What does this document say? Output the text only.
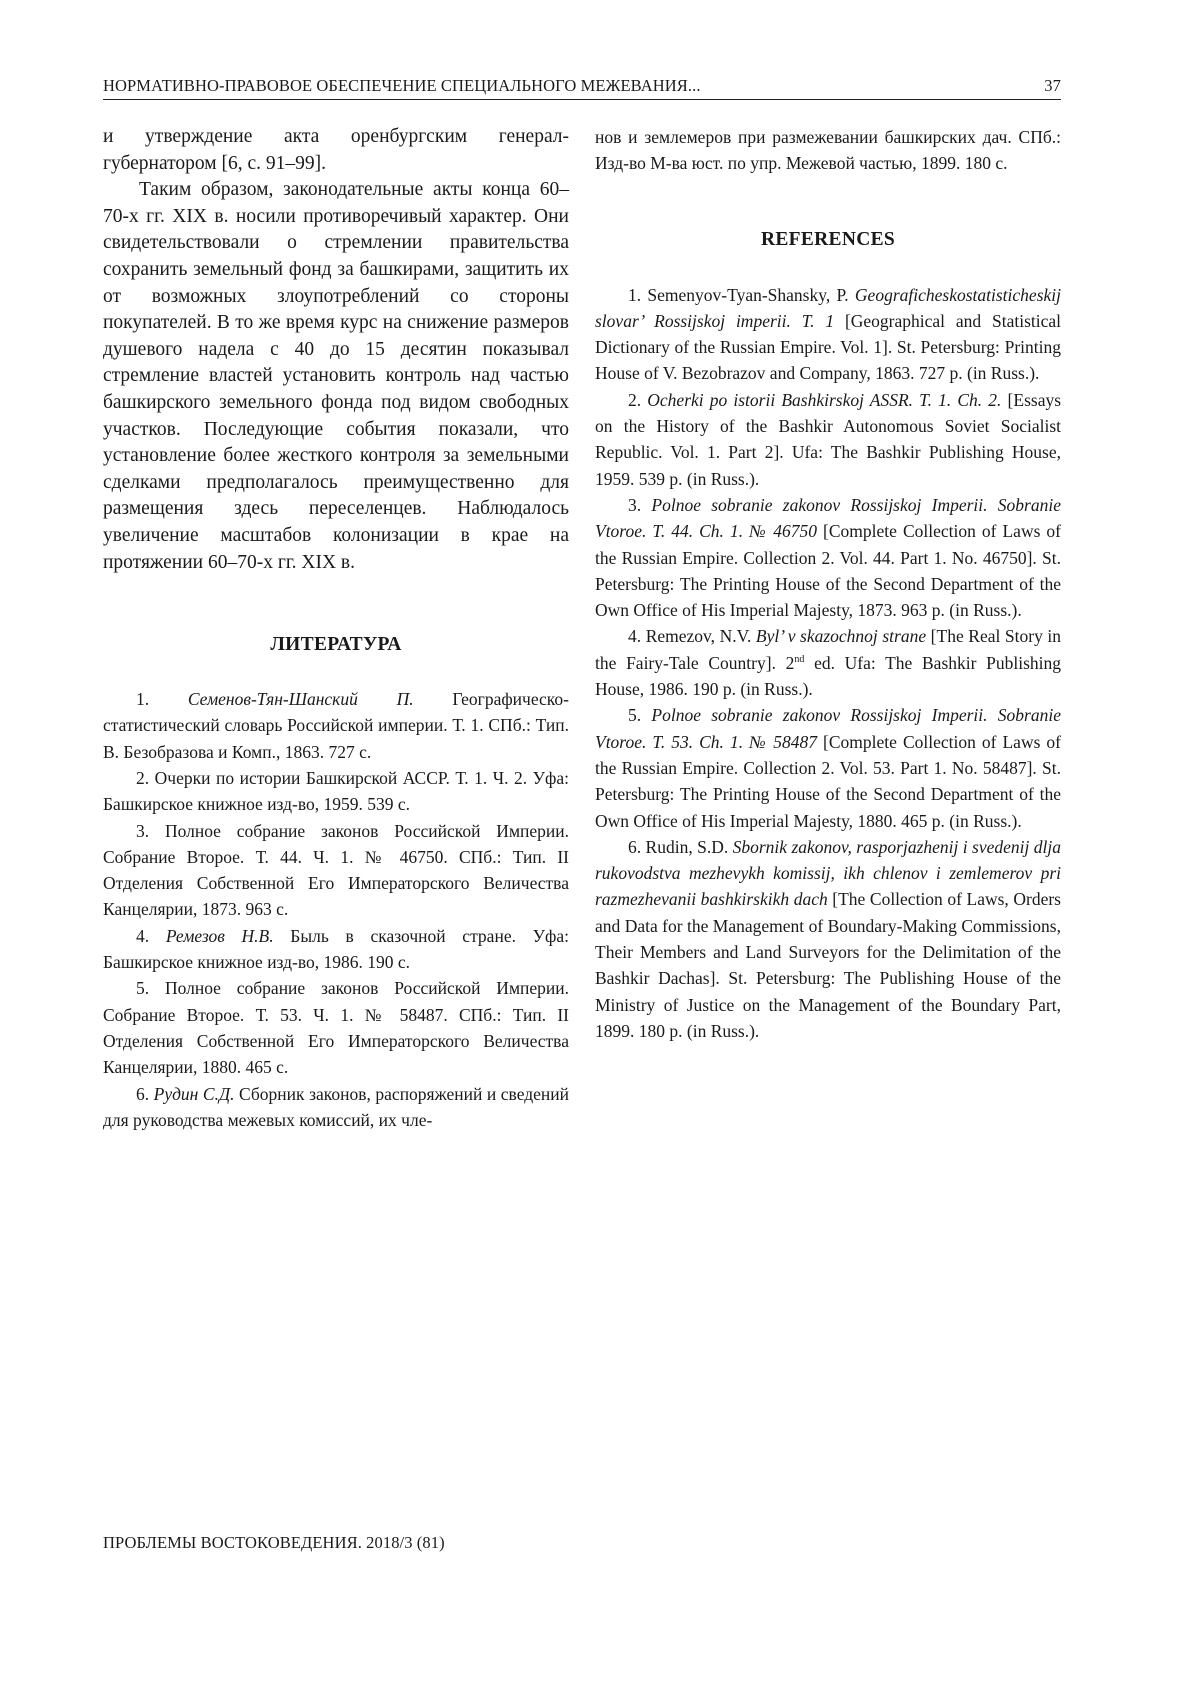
НОРМАТИВНО-ПРАВОВОЕ ОБЕСПЕЧЕНИЕ СПЕЦИАЛЬНОГО МЕЖЕВАНИЯ...	37

и утверждение акта оренбургским генерал-губернатором [6, с. 91–99].

Таким образом, законодательные акты конца 60–70-х гг. XIX в. носили противоречивый характер. Они свидетельствовали о стремлении правительства сохранить земельный фонд за башкирами, защитить их от возможных злоупотреблений со стороны покупателей. В то же время курс на снижение размеров душевого надела с 40 до 15 десятин показывал стремление властей установить контроль над частью башкирского земельного фонда под видом свободных участков. Последующие события показали, что установление более жесткого контроля за земельными сделками предполагалось преимущественно для размещения здесь переселенцев. Наблюдалось увеличение масштабов колонизации в крае на протяжении 60–70-х гг. XIX в.

ЛИТЕРАТУРА

1. Семенов-Тян-Шанский П. Географическо-статистический словарь Российской империи. Т. 1. СПб.: Тип. В. Безобразова и Комп., 1863. 727 с.

2. Очерки по истории Башкирской АССР. Т. 1. Ч. 2. Уфа: Башкирское книжное изд-во, 1959. 539 с.

3. Полное собрание законов Российской Империи. Собрание Второе. Т. 44. Ч. 1. № 46750. СПб.: Тип. II Отделения Собственной Его Императорского Величества Канцелярии, 1873. 963 с.

4. Ремезов Н.В. Быль в сказочной стране. Уфа: Башкирское книжное изд-во, 1986. 190 с.

5. Полное собрание законов Российской Империи. Собрание Второе. Т. 53. Ч. 1. № 58487. СПб.: Тип. II Отделения Собственной Его Императорского Величества Канцелярии, 1880. 465 с.

6. Рудин С.Д. Сборник законов, распоряжений и сведений для руководства межевых комиссий, их чле-

нов и землемеров при размежевании башкирских дач. СПб.: Изд-во М-ва юст. по упр. Межевой частью, 1899. 180 с.

REFERENCES

1. Semenyov-Tyan-Shansky, P. Geograficheskostatisticheskij slovar’ Rossijskoj imperii. T. 1 [Geographical and Statistical Dictionary of the Russian Empire. Vol. 1]. St. Petersburg: Printing House of V. Bezobrazov and Company, 1863. 727 p. (in Russ.).

2. Ocherki po istorii Bashkirskoj ASSR. T. 1. Ch. 2. [Essays on the History of the Bashkir Autonomous Soviet Socialist Republic. Vol. 1. Part 2]. Ufa: The Bashkir Publishing House, 1959. 539 p. (in Russ.).

3. Polnoe sobranie zakonov Rossijskoj Imperii. Sobranie Vtoroe. T. 44. Ch. 1. № 46750 [Complete Collection of Laws of the Russian Empire. Collection 2. Vol. 44. Part 1. No. 46750]. St. Petersburg: The Printing House of the Second Department of the Own Office of His Imperial Majesty, 1873. 963 p. (in Russ.).

4. Remezov, N.V. Byl’ v skazochnoj strane [The Real Story in the Fairy-Tale Country]. 2nd ed. Ufa: The Bashkir Publishing House, 1986. 190 p. (in Russ.).

5. Polnoe sobranie zakonov Rossijskoj Imperii. Sobranie Vtoroe. T. 53. Ch. 1. № 58487 [Complete Collection of Laws of the Russian Empire. Collection 2. Vol. 53. Part 1. No. 58487]. St. Petersburg: The Printing House of the Second Department of the Own Office of His Imperial Majesty, 1880. 465 p. (in Russ.).

6. Rudin, S.D. Sbornik zakonov, rasporjazhenij i svedenij dlja rukovodstva mezhevykh komissij, ikh chlenov i zemlemerov pri razmezhevanii bashkirskikh dach [The Collection of Laws, Orders and Data for the Management of Boundary-Making Commissions, Their Members and Land Surveyors for the Delimitation of the Bashkir Dachas]. St. Petersburg: The Publishing House of the Ministry of Justice on the Management of the Boundary Part, 1899. 180 p. (in Russ.).

ПРОБЛЕМЫ ВОСТОКОВЕДЕНИЯ. 2018/3 (81)
